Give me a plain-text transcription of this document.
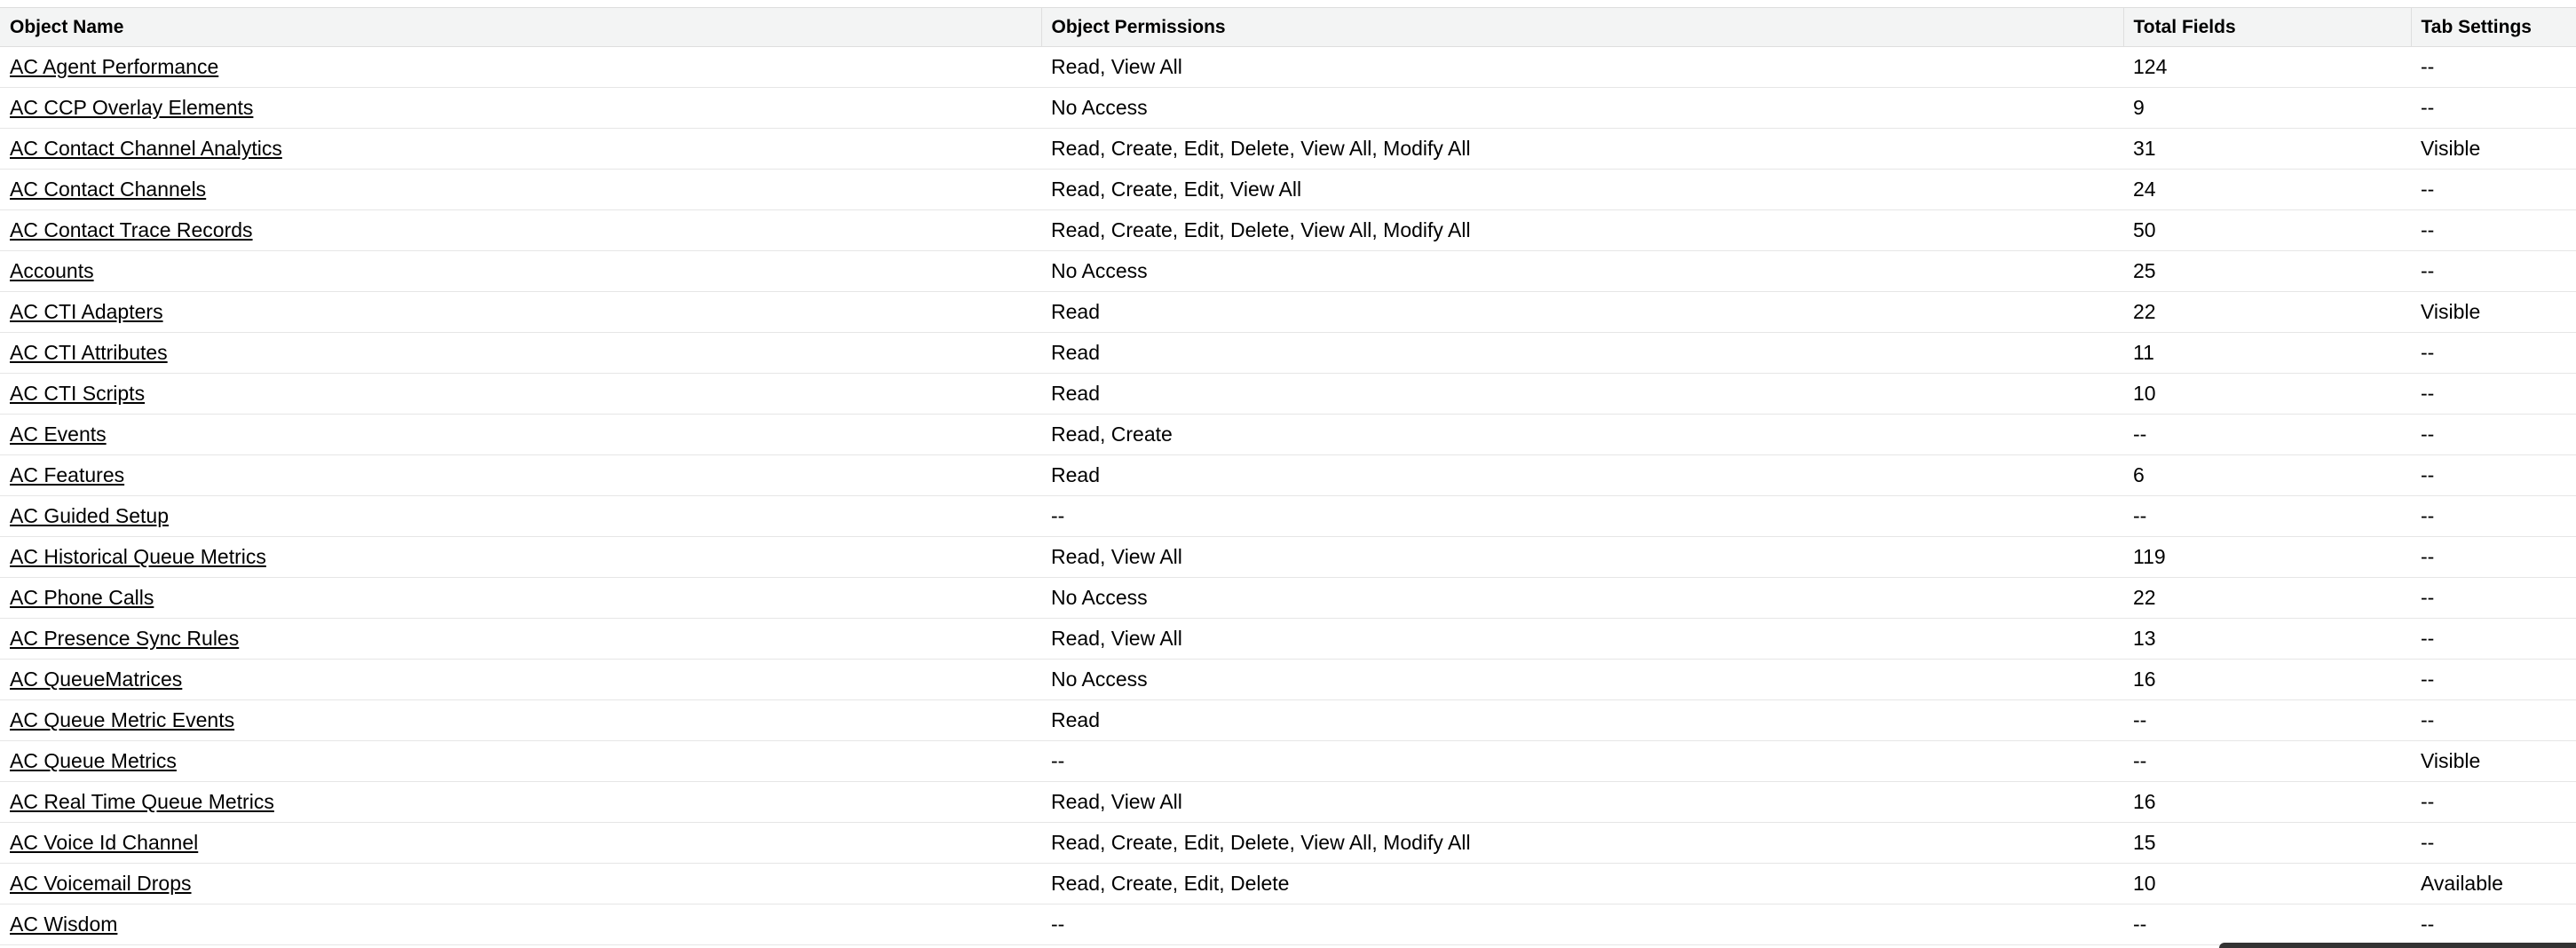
Object Name	Object Permissions	Total Fields	Tab Settings
AC Agent Performance	Read, View All	124	--
AC CCP Overlay Elements	No Access	9	--
AC Contact Channel Analytics	Read, Create, Edit, Delete, View All, Modify All	31	Visible
AC Contact Channels	Read, Create, Edit, View All	24	--
AC Contact Trace Records	Read, Create, Edit, Delete, View All, Modify All	50	--
Accounts	No Access	25	--
AC CTI Adapters	Read	22	Visible
AC CTI Attributes	Read	11	--
AC CTI Scripts	Read	10	--
AC Events	Read, Create	--	--
AC Features	Read	6	--
AC Guided Setup	--	--	--
AC Historical Queue Metrics	Read, View All	119	--
AC Phone Calls	No Access	22	--
AC Presence Sync Rules	Read, View All	13	--
AC QueueMatrices	No Access	16	--
AC Queue Metric Events	Read	--	--
AC Queue Metrics	--	--	Visible
AC Real Time Queue Metrics	Read, View All	16	--
AC Voice Id Channel	Read, Create, Edit, Delete, View All, Modify All	15	--
AC Voicemail Drops	Read, Create, Edit, Delete	10	Available
AC Wisdom	--	--	--
